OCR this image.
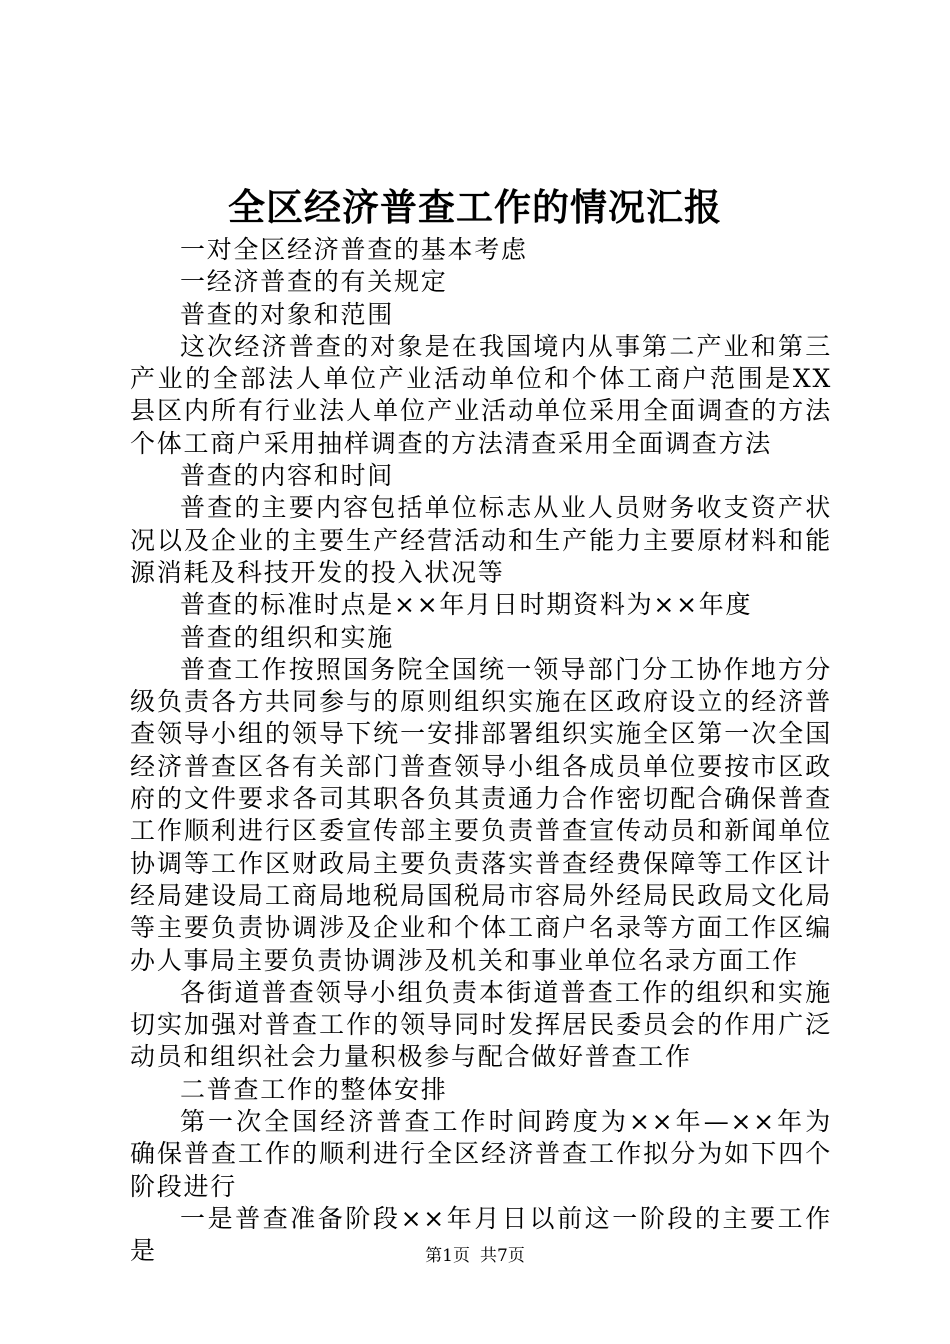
全区经济普查工作的情况汇报

一对全区经济普查的基本考虑

一经济普查的有关规定

普查的对象和范围

这次经济普查的对象是在我国境内从事第二产业和第三产业的全部法人单位产业活动单位和个体工商户范围是XX县区内所有行业法人单位产业活动单位采用全面调查的方法个体工商户采用抽样调查的方法清查采用全面调查方法

普查的内容和时间

普查的主要内容包括单位标志从业人员财务收支资产状况以及企业的主要生产经营活动和生产能力主要原材料和能源消耗及科技开发的投入状况等

普查的标准时点是××年月日时期资料为××年度

普查的组织和实施

普查工作按照国务院全国统一领导部门分工协作地方分级负责各方共同参与的原则组织实施在区政府设立的经济普查领导小组的领导下统一安排部署组织实施全区第一次全国经济普查区各有关部门普查领导小组各成员单位要按市区政府的文件要求各司其职各负其责通力合作密切配合确保普查工作顺利进行区委宣传部主要负责普查宣传动员和新闻单位协调等工作区财政局主要负责落实普查经费保障等工作区计经局建设局工商局地税局国税局市容局外经局民政局文化局等主要负责协调涉及企业和个体工商户名录等方面工作区编办人事局主要负责协调涉及机关和事业单位名录方面工作

各街道普查领导小组负责本街道普查工作的组织和实施切实加强对普查工作的领导同时发挥居民委员会的作用广泛动员和组织社会力量积极参与配合做好普查工作

二普查工作的整体安排

第一次全国经济普查工作时间跨度为××年—××年为确保普查工作的顺利进行全区经济普查工作拟分为如下四个阶段进行

一是普查准备阶段××年月日以前这一阶段的主要工作是	第1页 共7页
